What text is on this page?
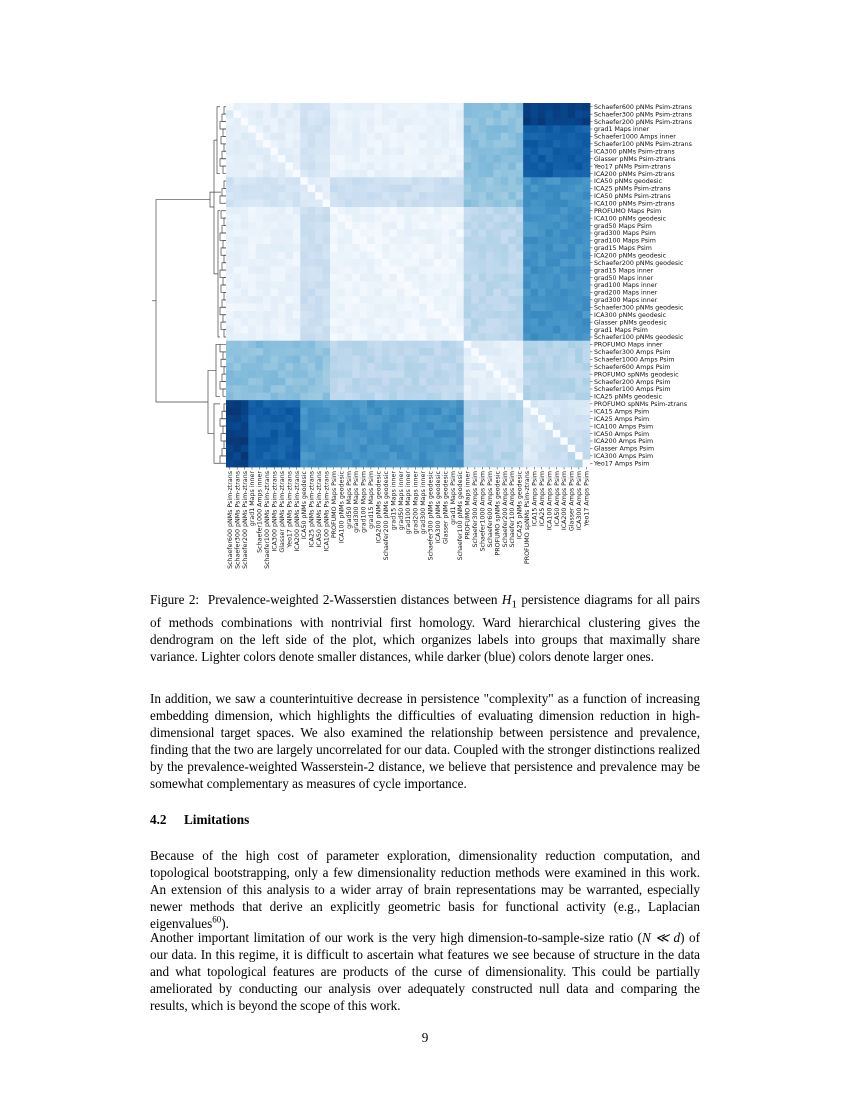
Schaefer600 pNMs Psim-ztrans
Schaefer300 pNMs Psim-ztrans
Schaefer200 pNMs Psim-ztrans
grad1 Maps inner
Schaefer1000 Amps inner
Schaefer100 pNMs Psim-ztrans
ICA300 pNMs Psim-ztrans
Glasser pNMs Psim-ztrans
Yeo17 pNMs Psim-ztrans
ICA200 pNMs Psim-ztrans
ICA50 pNMs geodesic
ICA25 pNMs Psim-ztrans
ICA50 pNMs Psim-ztrans
ICA100 pNMs Psim-ztrans
PROFUMO Maps Psim
ICA100 pNMs geodesic
grad50 Maps Psim
grad300 Maps Psim
grad100 Maps Psim
grad15 Maps Psim
ICA200 pNMs geodesic
Schaefer200 pNMs geodesic
grad15 Maps inner
grad50 Maps inner
grad100 Maps inner
grad200 Maps inner
grad300 Maps inner
Schaefer300 pNMs geodesic
ICA300 pNMs geodesic
Glasser pNMs geodesic
grad1 Maps Psim
Schaefer100 pNMs geodesic
PROFUMO Maps inner
Schaefer300 Amps Psim
Schaefer1000 Amps Psim
Schaefer600 Amps Psim
PROFUMO spNMs geodesic
Schaefer200 Amps Psim
Schaefer100 Amps Psim
ICA25 pNMs geodesic
PROFUMO spNMs Psim-ztrans
ICA15 Amps Psim
ICA25 Amps Psim
ICA100 Amps Psim
ICA50 Amps Psim
ICA200 Amps Psim
Glasser Amps Psim
ICA300 Amps Psim
Yeo17 Amps Psim
Schaefer600 pNMs Psim-ztrans Schaefer300 pNMs Psim-ztrans Schaefer200 pNMs Psim-ztrans grad1 Maps inner Schaefer1000 Amps inner Schaefer100 pNMs Psim-ztrans ICA300 pNMs Psim-ztrans Glasser pNMs Psim-ztrans Yeo17 pNMs Psim-ztrans ICA200 pNMs Psim-ztrans ICA50 pNMs geodesic ICA25 pNMs Psim-ztrans ICA50 pNMs Psim-ztrans ICA100 pNMs Psim-ztrans PROFUMO Maps Psim ICA100 pNMs geodesic grad50 Maps Psim grad300 Maps Psim grad100 Maps Psim grad15 Maps Psim ICA200 pNMs geodesic Schaefer200 pNMs geodesic grad15 Maps inner grad50 Maps inner grad100 Maps inner grad200 Maps inner grad300 Maps inner Schaefer300 pNMs geodesic ICA300 pNMs geodesic Glasser pNMs geodesic grad1 Maps Psim Schaefer100 pNMs geodesic PROFUMO Maps inner Schaefer300 Amps Psim Schaefer1000 Amps Psim Schaefer600 Amps Psim PROFUMO spNMs geodesic Schaefer200 Amps Psim Schaefer100 Amps Psim ICA25 pNMs geodesic PROFUMO spNMs Psim-ztrans ICA15 Amps Psim ICA25 Amps Psim ICA100 Amps Psim ICA50 Amps Psim ICA200 Amps Psim Glasser Amps Psim ICA300 Amps Psim Yeo17 Amps Psim

Figure 2: Prevalence-weighted 2-Wasserstien distances between $H_1$ persistence diagrams for all pairs of methods combinations with nontrivial first homology. Ward hierarchical clustering gives the dendrogram on the left side of the plot, which organizes labels into groups that maximally share variance. Lighter colors denote smaller distances, while darker (blue) colors denote larger ones.

In addition, we saw a counterintuitive decrease in persistence "complexity" as a function of increasing embedding dimension, which highlights the difficulties of evaluating dimension reduction in high-dimensional target spaces. We also examined the relationship between persistence and prevalence, finding that the two are largely uncorrelated for our data. Coupled with the stronger distinctions realized by the prevalence-weighted Wasserstein-2 distance, we believe that persistence and prevalence may be somewhat complementary as measures of cycle importance.

4.2 Limitations

Because of the high cost of parameter exploration, dimensionality reduction computation, and topological bootstrapping, only a few dimensionality reduction methods were examined in this work. An extension of this analysis to a wider array of brain representations may be warranted, especially newer methods that derive an explicitly geometric basis for functional activity (e.g., Laplacian eigenvalues$^{60}$).

Another important limitation of our work is the very high dimension-to-sample-size ratio (N ≪ d) of our data. In this regime, it is difficult to ascertain what features we see because of structure in the data and what topological features are products of the curse of dimensionality. This could be partially ameliorated by conducting our analysis over adequately constructed null data and comparing the results, which is beyond the scope of this work.

9
